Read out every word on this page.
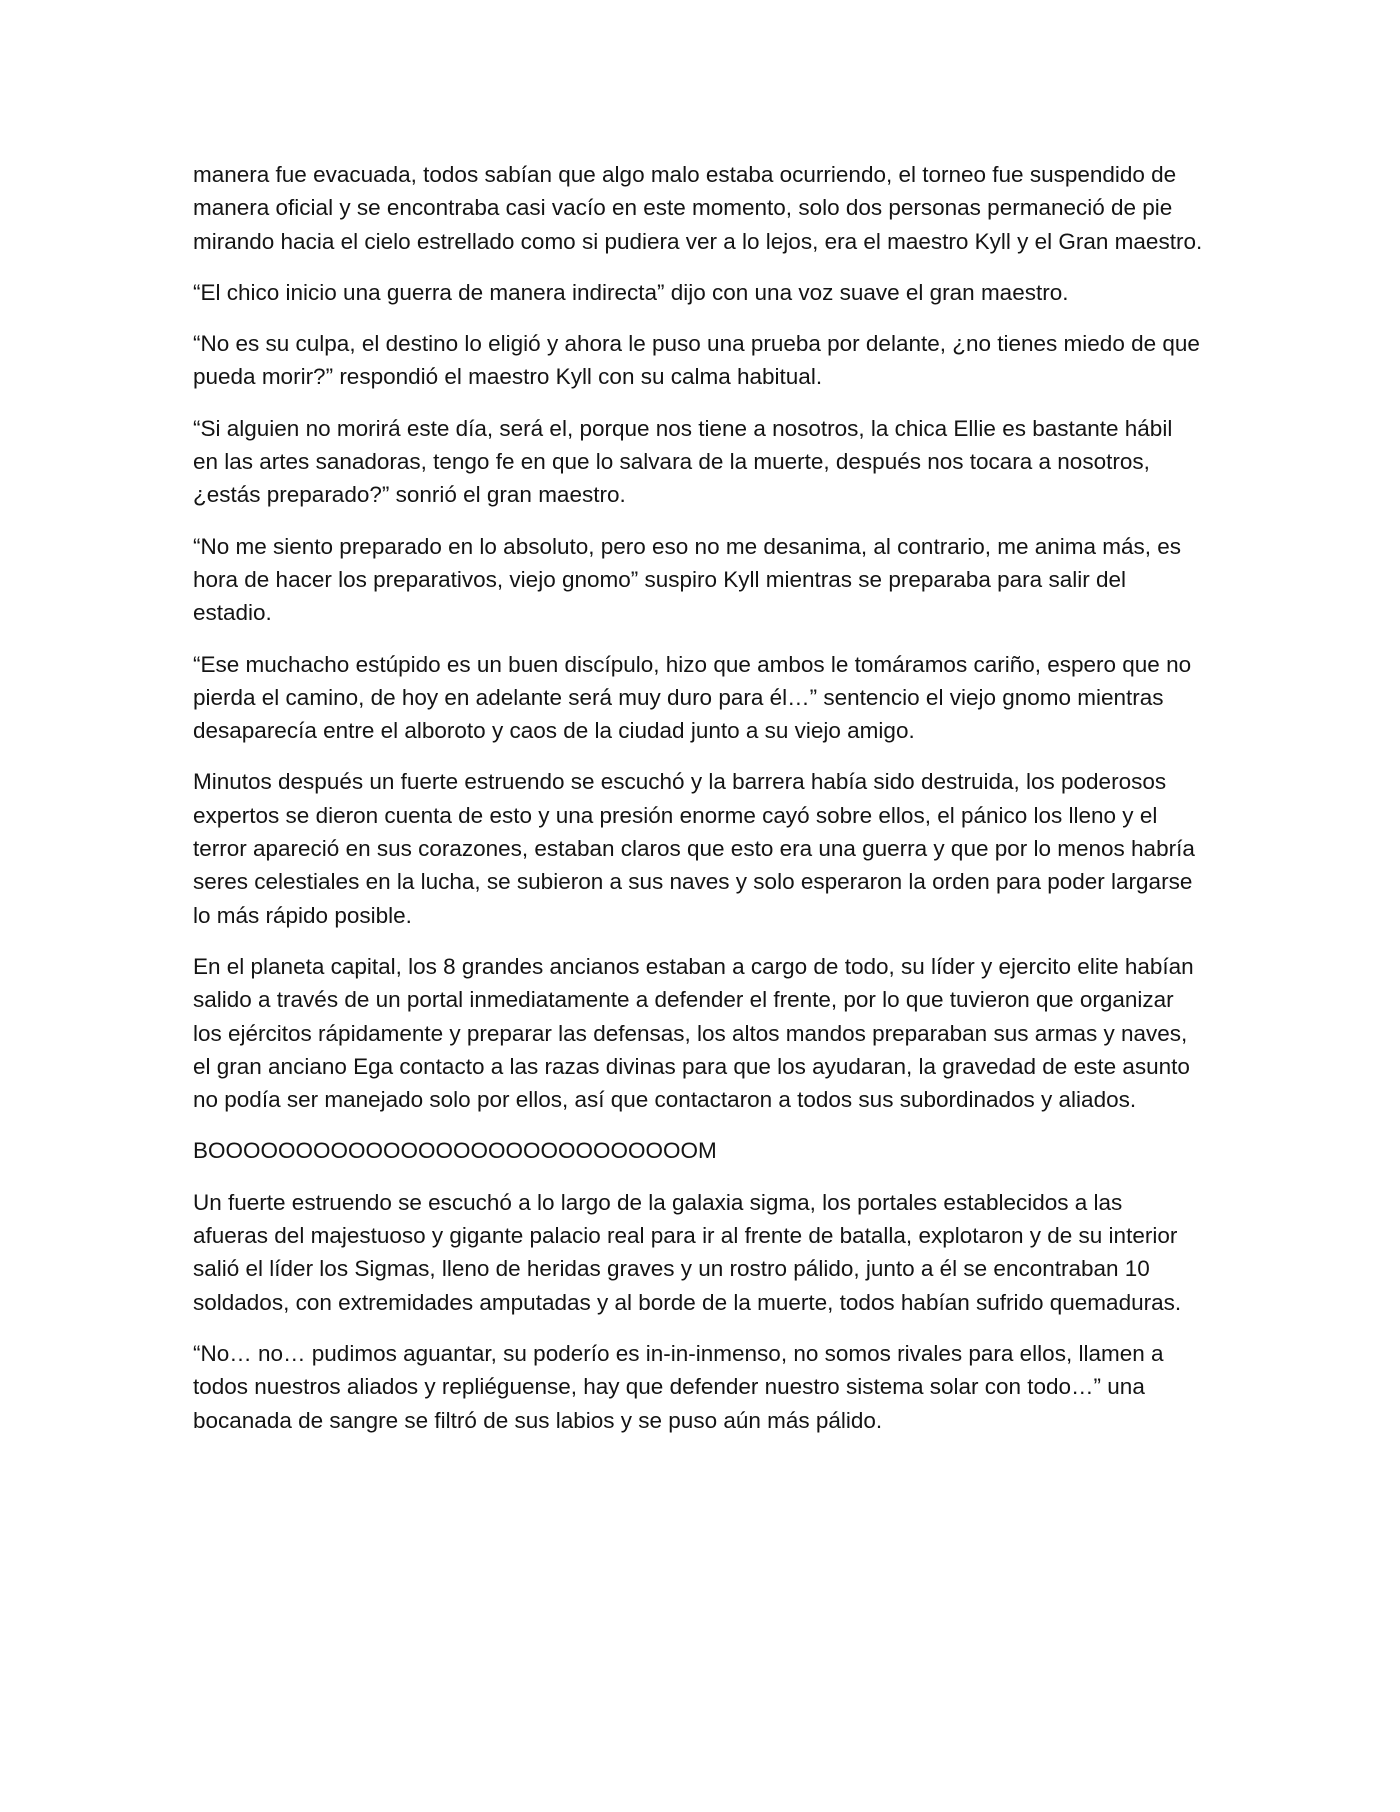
manera fue evacuada, todos sabían que algo malo estaba ocurriendo, el torneo fue suspendido de manera oficial y se encontraba casi vacío en este momento, solo dos personas permaneció de pie mirando hacia el cielo estrellado como si pudiera ver a lo lejos, era el maestro Kyll y el Gran maestro.

“El chico inicio una guerra de manera indirecta” dijo con una voz suave el gran maestro.

“No es su culpa, el destino lo eligió y ahora le puso una prueba por delante, ¿no tienes miedo de que pueda morir?” respondió el maestro Kyll con su calma habitual.

“Si alguien no morirá este día, será el, porque nos tiene a nosotros, la chica Ellie es bastante hábil en las artes sanadoras, tengo fe en que lo salvara de la muerte, después nos tocara a nosotros, ¿estás preparado?” sonrió el gran maestro.

“No me siento preparado en lo absoluto, pero eso no me desanima, al contrario, me anima más, es hora de hacer los preparativos, viejo gnomo” suspiro Kyll mientras se preparaba para salir del estadio.

“Ese muchacho estúpido es un buen discípulo, hizo que ambos le tomáramos cariño, espero que no pierda el camino, de hoy en adelante será muy duro para él…” sentencio el viejo gnomo mientras desaparecía entre el alboroto y caos de la ciudad junto a su viejo amigo.

Minutos después un fuerte estruendo se escuchó y la barrera había sido destruida, los poderosos expertos se dieron cuenta de esto y una presión enorme cayó sobre ellos, el pánico los lleno y el terror apareció en sus corazones, estaban claros que esto era una guerra y que por lo menos habría seres celestiales en la lucha, se subieron a sus naves y solo esperaron la orden para poder largarse lo más rápido posible.

En el planeta capital, los 8 grandes ancianos estaban a cargo de todo, su líder y ejercito elite habían salido a través de un portal inmediatamente a defender el frente, por lo que tuvieron que organizar los ejércitos rápidamente y preparar las defensas, los altos mandos preparaban sus armas y naves, el gran anciano Ega contacto a las razas divinas para que los ayudaran, la gravedad de este asunto no podía ser manejado solo por ellos, así que contactaron a todos sus subordinados y aliados.

BOOOOOOOOOOOOOOOOOOOOOOOOOOOOM

Un fuerte estruendo se escuchó a lo largo de la galaxia sigma, los portales establecidos a las afueras del majestuoso y gigante palacio real para ir al frente de batalla, explotaron y de su interior salió el líder los Sigmas, lleno de heridas graves y un rostro pálido, junto a él se encontraban 10 soldados, con extremidades amputadas y al borde de la muerte, todos habían sufrido quemaduras.

“No… no… pudimos aguantar, su poderío es in-in-inmenso, no somos rivales para ellos, llamen a todos nuestros aliados y repliéguense, hay que defender nuestro sistema solar con todo…” una bocanada de sangre se filtró de sus labios y se puso aún más pálido.
